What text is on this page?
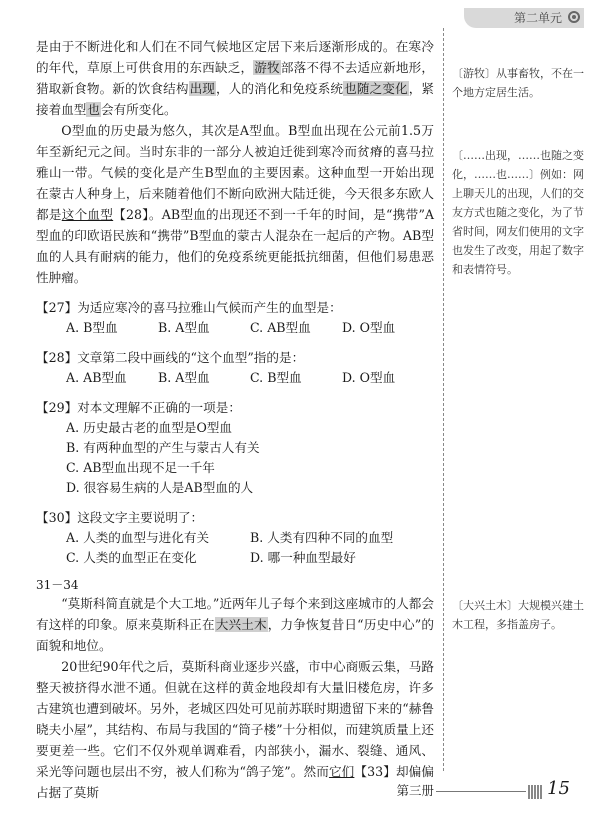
第二单元

是由于不断进化和人们在不同气候地区定居下来后逐渐形成的。在寒冷的年代，草原上可供食用的东西缺乏，游牧部落不得不去适应新地形，猎取新食物。新的饮食结构出现，人的消化和免疫系统也随之变化，紧接着血型也会有所变化。

O型血的历史最为悠久，其次是A型血。B型血出现在公元前1.5万年至新纪元之间。当时东非的一部分人被迫迁徙到寒冷而贫瘠的喜马拉雅山一带。气候的变化是产生B型血的主要因素。这种血型一开始出现在蒙古人种身上，后来随着他们不断向欧洲大陆迁徙，今天很多东欧人都是这个血型【28】。AB型血的出现还不到一千年的时间，是“携带”A型血的印欧语民族和“携带”B型血的蒙古人混杂在一起后的产物。AB型血的人具有耐病的能力，他们的免疫系统更能抵抗细菌，但他们易患恶性肿瘤。

【27】为适应寒冷的喜马拉雅山气候而产生的血型是：

A. B型血	B. A型血	C. AB型血	D. O型血

【28】文章第二段中画线的“这个血型”指的是：

A. AB型血	B. A型血	C. B型血	D. O型血

【29】对本文理解不正确的一项是：

A. 历史最古老的血型是O型血
B. 有两种血型的产生与蒙古人有关
C. AB型血出现不足一千年
D. 很容易生病的人是AB型血的人

【30】这段文字主要说明了：

A. 人类的血型与进化有关	B. 人类有四种不同的血型
C. 人类的血型正在变化	D. 哪一种血型最好
31－34

“莫斯科简直就是个大工地。”近两年儿子每个来到这座城市的人都会有这样的印象。原来莫斯科正在大兴土木，力争恢复昔日“历史中心”的面貌和地位。

20世纪90年代之后，莫斯科商业逐步兴盛，市中心商贩云集，马路整天被挤得水泄不通。但就在这样的黄金地段却有大量旧楼危房，许多古建筑也遭到破坏。另外，老城区四处可见前苏联时期遗留下来的“赫鲁晓夫小屋”，其结构、布局与我国的“筒子楼”十分相似，而建筑质量上还要更差一些。它们不仅外观单调难看，内部狭小，漏水、裂缝、通风、采光等问题也层出不穷，被人们称为“鸽子笼”。然而它们【33】却偏偏占据了莫斯

〔游牧〕从事畜牧，不在一个地方定居生活。

〔……出现，……也随之变化，……也……〕例如：网上聊天儿的出现，人们的交友方式也随之变化，为了节省时间，网友们使用的文字也发生了改变，用起了数字和表情符号。

〔大兴土木〕大规模兴建土木工程，多指盖房子。

第三册	15
